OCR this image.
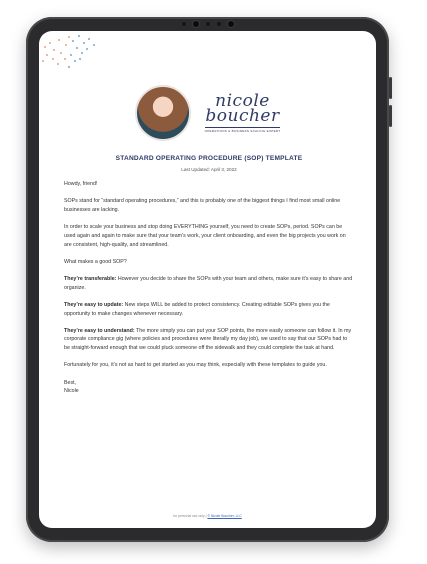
nicole
boucher
OPERATIONS & BUSINESS SCALING EXPERT
STANDARD OPERATING PROCEDURE (SOP) TEMPLATE
Last Updated: April 3, 2022

Howdy, friend!

SOPs stand for “standard operating procedures,” and this is probably one of the biggest things I find most small online businesses are lacking.

In order to scale your business and stop doing EVERYTHING yourself, you need to create SOPs, period. SOPs can be used again and again to make sure that your team’s work, your client onboarding, and even the big projects you work on are consistent, high-quality, and streamlined.

What makes a good SOP?

They’re transferable: However you decide to share the SOPs with your team and others, make sure it’s easy to share and organize.

They’re easy to update: New steps WILL be added to protect consistency. Creating editable SOPs gives you the opportunity to make changes whenever necessary.

They’re easy to understand: The more simply you can put your SOP points, the more easily someone can follow it. In my corporate compliance gig (where policies and procedures were literally my day job), we used to say that our SOPs had to be straight-forward enough that we could pluck someone off the sidewalk and they could complete the task at hand.

Fortunately for you, it’s not as hard to get started as you may think, especially with these templates to guide you.

Best,

Nicole

for personal use only | © Nicole Boucher, LLC
